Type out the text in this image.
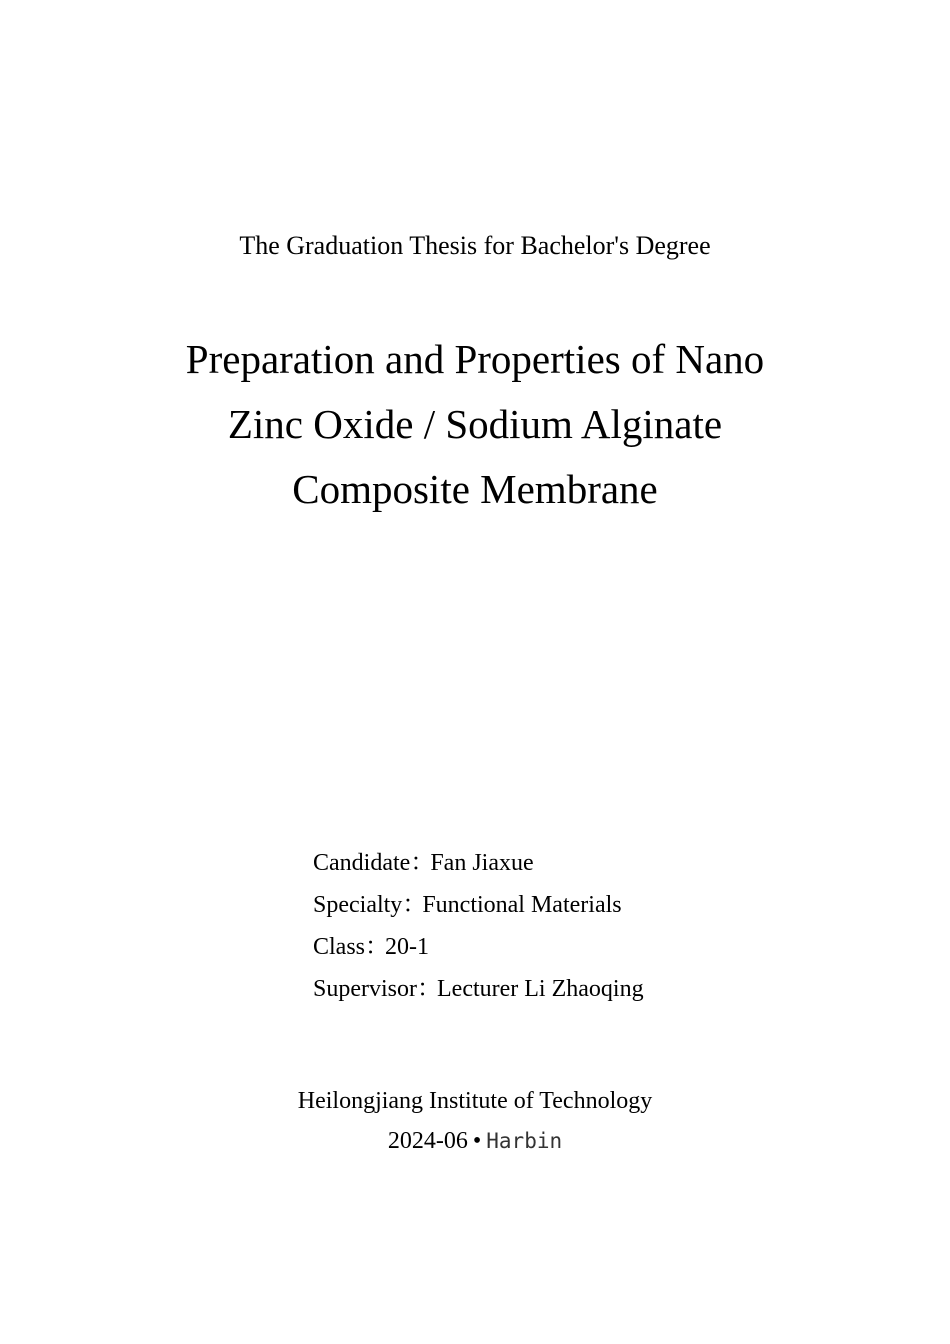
The Graduation Thesis for Bachelor's Degree
Preparation and Properties of Nano
Zinc Oxide / Sodium Alginate
Composite Membrane
Candidate：Fan Jiaxue
Specialty：Functional Materials
Class：20-1
Supervisor：Lecturer Li Zhaoqing
Heilongjiang Institute of Technology
2024-06 • Harbin
